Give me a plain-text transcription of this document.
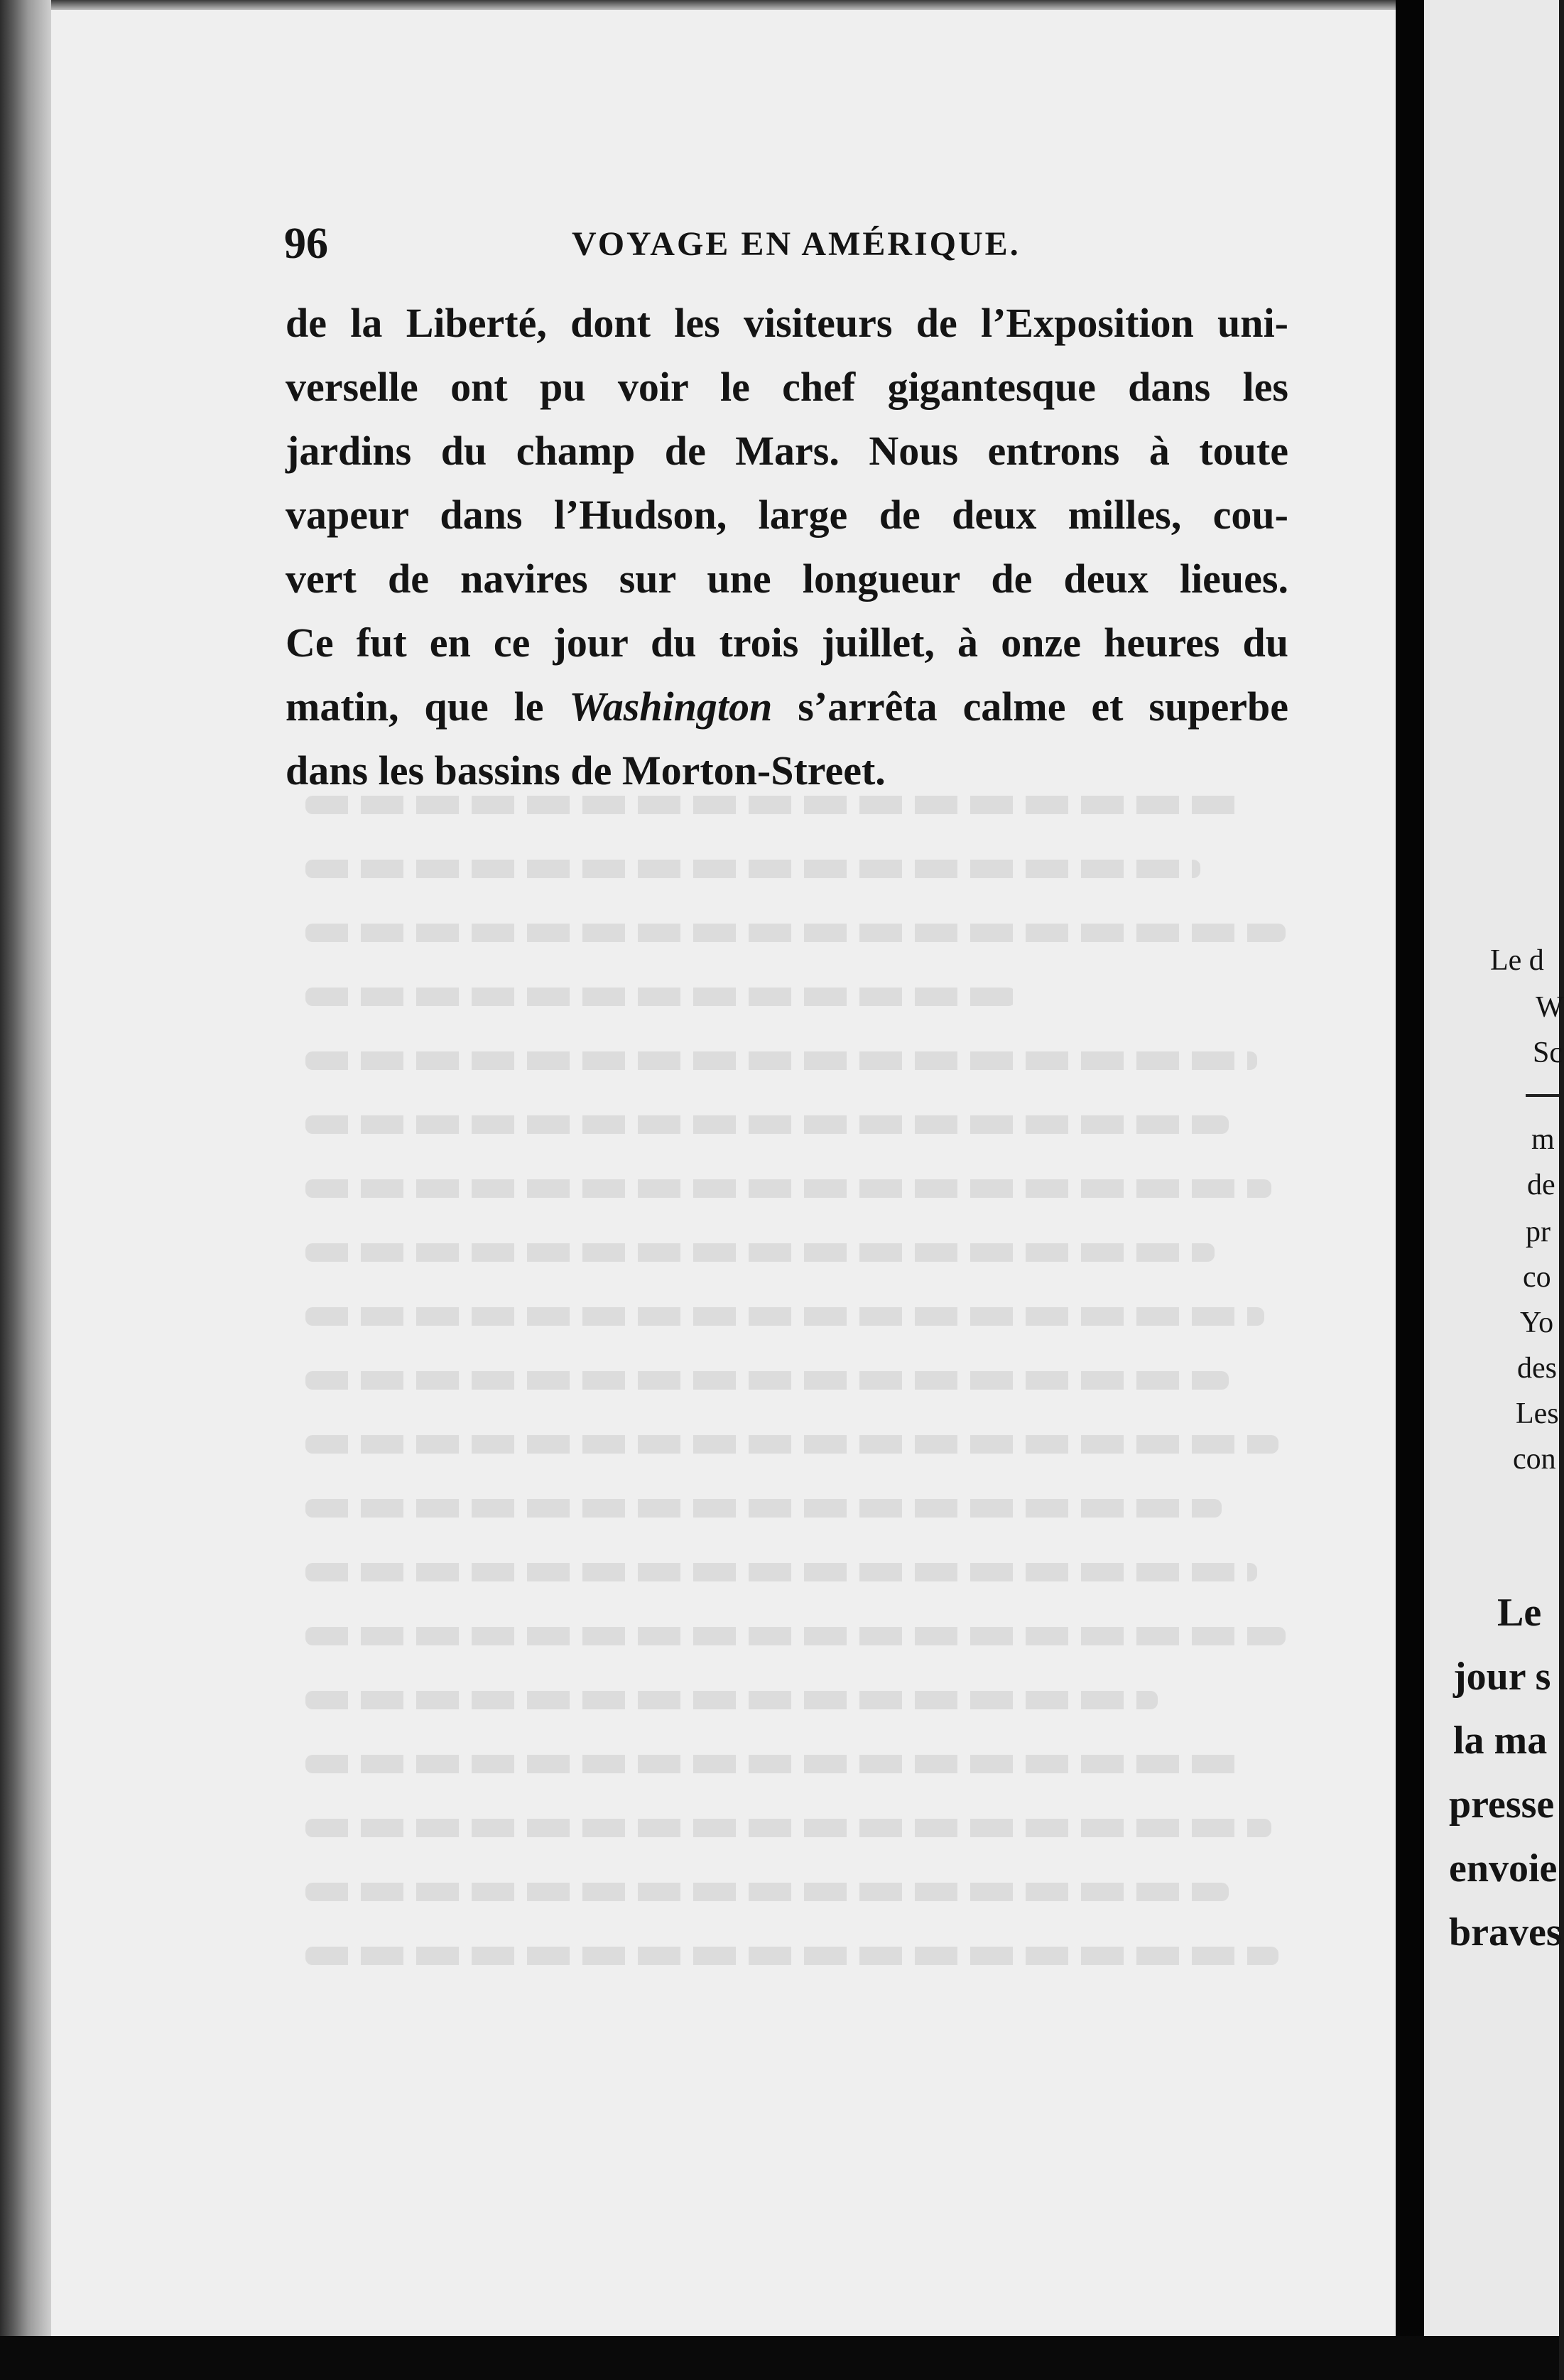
96	VOYAGE EN AMÉRIQUE.
de la Liberté, dont les visiteurs de l’Exposition uni-
verselle ont pu voir le chef gigantesque dans les
jardins du champ de Mars. Nous entrons à toute
vapeur dans l’Hudson, large de deux milles, cou-
vert de navires sur une longueur de deux lieues.
Ce fut en ce jour du trois juillet, à onze heures du
matin, que le Washington s’arrêta calme et superbe
dans les bassins de Morton-Street.
Le d
W
Sc
m
de
pr
co
Yo
des
Les
con
Le
jour s
la ma
presse
envoie
braves
